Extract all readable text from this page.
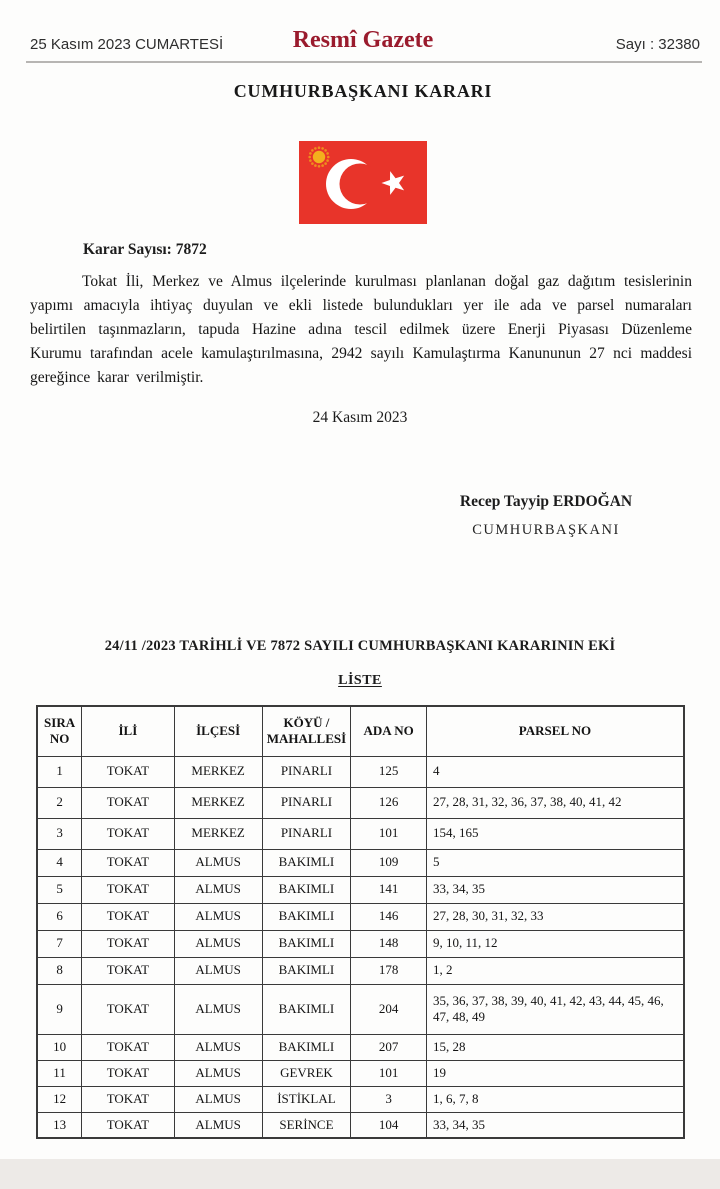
25 Kasım 2023 CUMARTESİ	Resmî Gazete	Sayı : 32380
CUMHURBAŞKANI KARARI
Karar Sayısı: 7872

Tokat İli, Merkez ve Almus ilçelerinde kurulması planlanan doğal gaz dağıtım tesislerinin yapımı amacıyla ihtiyaç duyulan ve ekli listede bulundukları yer ile ada ve parsel numaraları belirtilen taşınmazların, tapuda Hazine adına tescil edilmek üzere Enerji Piyasası Düzenleme Kurumu tarafından acele kamulaştırılmasına, 2942 sayılı Kamulaştırma Kanununun 27 nci maddesi gereğince karar verilmiştir.

24 Kasım 2023
Recep Tayyip ERDOĞAN
CUMHURBAŞKANI
24/11 /2023 TARİHLİ VE 7872 SAYILI CUMHURBAŞKANI KARARININ EKİ
LİSTE
SIRA NO	İLİ	İLÇESİ	KÖYÜ / MAHALLESİ	ADA NO	PARSEL NO
1	TOKAT	MERKEZ	PINARLI	125	4
2	TOKAT	MERKEZ	PINARLI	126	27, 28, 31, 32, 36, 37, 38, 40, 41, 42
3	TOKAT	MERKEZ	PINARLI	101	154, 165
4	TOKAT	ALMUS	BAKIMLI	109	5
5	TOKAT	ALMUS	BAKIMLI	141	33, 34, 35
6	TOKAT	ALMUS	BAKIMLI	146	27, 28, 30, 31, 32, 33
7	TOKAT	ALMUS	BAKIMLI	148	9, 10, 11, 12
8	TOKAT	ALMUS	BAKIMLI	178	1, 2
9	TOKAT	ALMUS	BAKIMLI	204	35, 36, 37, 38, 39, 40, 41, 42, 43, 44, 45, 46, 47, 48, 49
10	TOKAT	ALMUS	BAKIMLI	207	15, 28
11	TOKAT	ALMUS	GEVREK	101	19
12	TOKAT	ALMUS	İSTİKLAL	3	1, 6, 7, 8
13	TOKAT	ALMUS	SERİNCE	104	33, 34, 35
